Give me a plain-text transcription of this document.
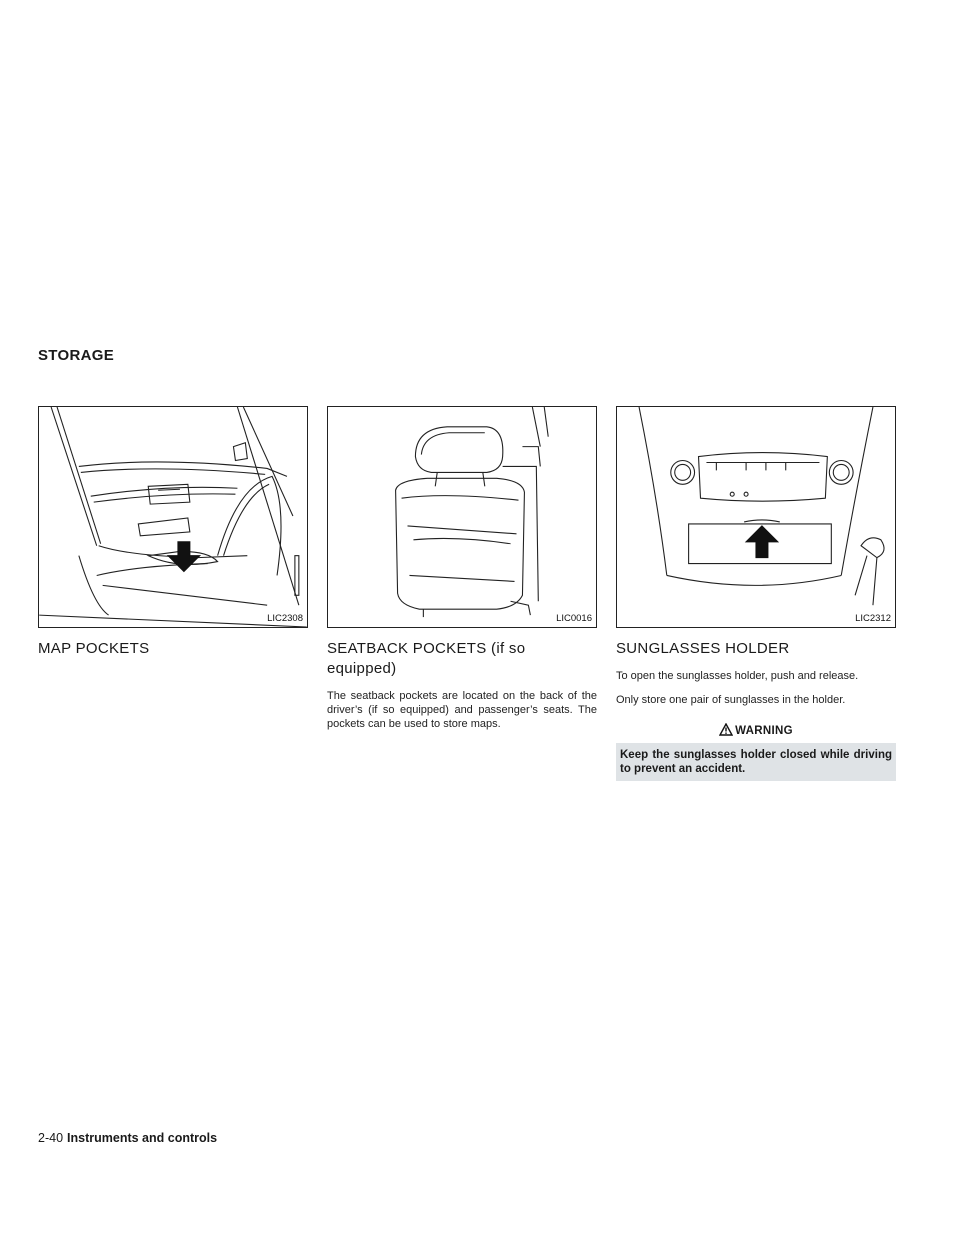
STORAGE
LIC2308
MAP POCKETS
LIC0016
SEATBACK POCKETS (if so equipped)

The seatback pockets are located on the back of the driver’s (if so equipped) and passenger’s seats. The pockets can be used to store maps.

LIC2312
SUNGLASSES HOLDER

To open the sunglasses holder, push and release.

Only store one pair of sunglasses in the holder.

WARNING
Keep the sunglasses holder closed while driving to prevent an accident.
2-40 Instruments and controls
